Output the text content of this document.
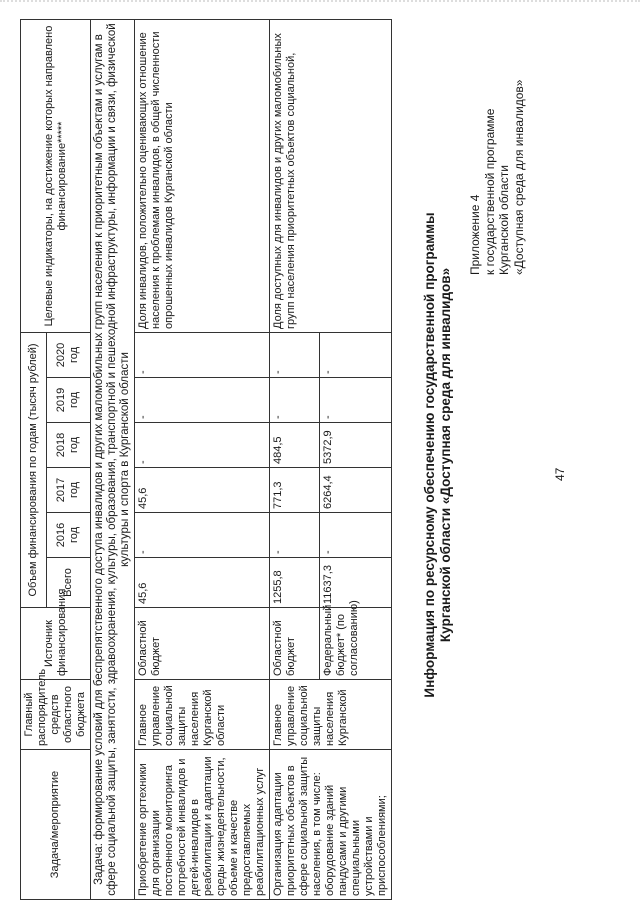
47
Приложение 4 к государственной программе Курганской области «Доступная среда для инвалидов»
Информация по ресурсному обеспечению государственной программы Курганской области «Доступная среда для инвалидов»
Задача/мероприятие	Главный распорядитель средств областного бюджета	Источник финансирования	Объем финансирования по годам (тысяч рублей)						Целевые индикаторы, на достижение которых направлено финансирование*****
			Всего	2016 год	2017 год	2018 год	2019 год	2020 год	
Задача: формирование условий для беспрепятственного доступа инвалидов и других маломобильных групп населения к приоритетным объектам и услугам в сфере социальной защиты, занятости, здравоохранения, культуры, образования, транспортной и пешеходной инфраструктуры, информации и связи, физической культуры и спорта в Курганской области									
Приобретение оргтехники для организации постоянного мониторинга потребностей инвалидов и детей-инвалидов в реабилитации и адаптации среды жизнедеятельности, объеме и качестве предоставляемых реабилитационных услуг	Главное управление социальной защиты населения Курганской области	Областной бюджет	45,6	-	45,6	-	-	-	Доля инвалидов, положительно оценивающих отношение населения к проблемам инвалидов, в общей численности опрошенных инвалидов Курганской области
Организация адаптации приоритетных объектов в сфере социальной защиты населения, в том числе: оборудование зданий пандусами и другими специальными устройствами и приспособлениями;	Главное управление социальной защиты населения Курганской	Областной бюджет	1255,8	-	771,3	484,5	-	-	Доля доступных для инвалидов и других маломобильных групп населения приоритетных объектов социальной,
		Федеральный бюджет* (по согласованию)	11637,3	-	6264,4	5372,9	-	-	
